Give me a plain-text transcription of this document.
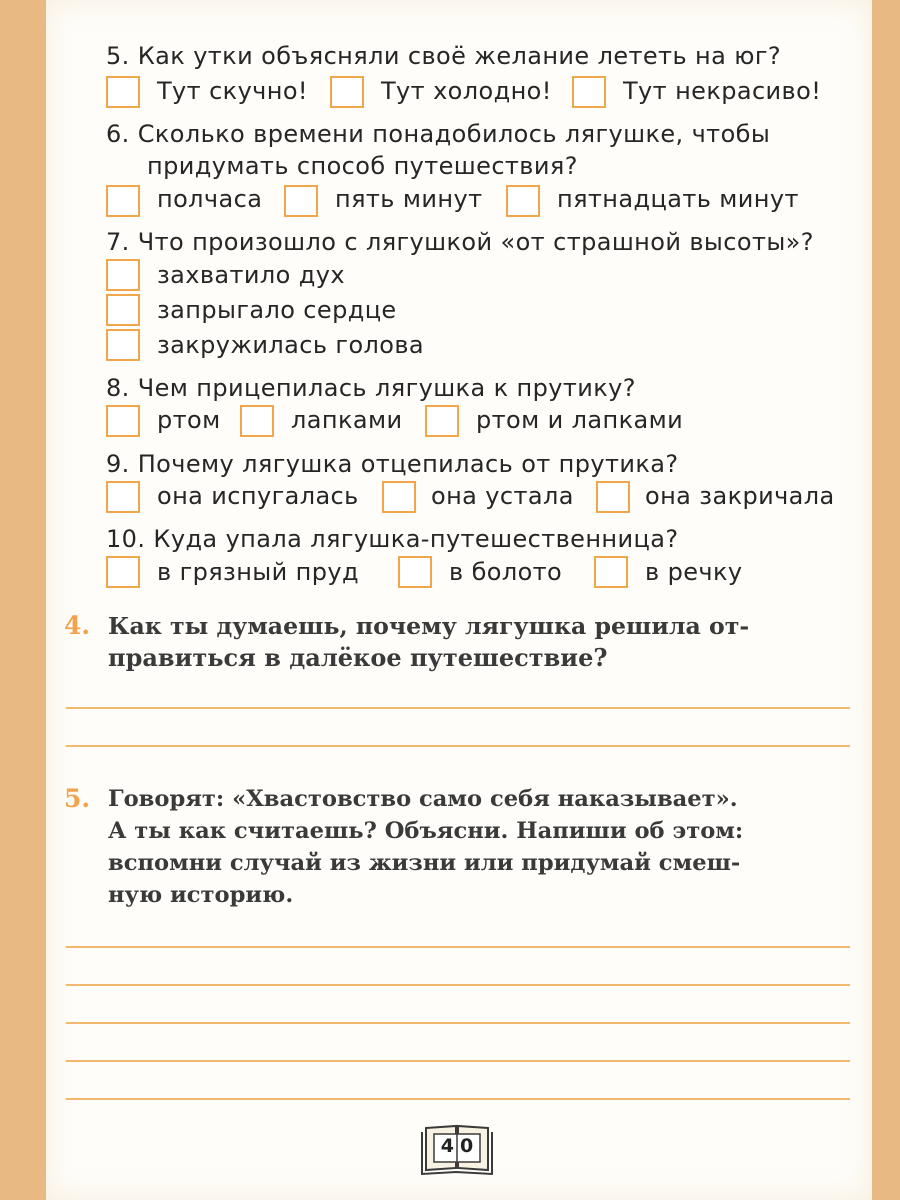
5. Как утки объясняли своё желание лететь на юг?
Тут скучно!	Тут холодно!	Тут некрасиво!
6. Сколько времени понадобилось лягушке, чтобы
придумать способ путешествия?
полчаса	пять минут	пятнадцать минут
7. Что произошло с лягушкой «от страшной высоты»?
захватило дух
запрыгало сердце
закружилась голова
8. Чем прицепилась лягушка к прутику?
ртом	лапками	ртом и лапками
9. Почему лягушка отцепилась от прутика?
она испугалась	она устала	она закричала
10. Куда упала лягушка-путешественница?
в грязный пруд	в болото	в речку
4. Как ты думаешь, почему лягушка решила от-
правиться в далёкое путешествие?
5. Говорят: «Хвастовство само себя наказывает».
А ты как считаешь? Объясни. Напиши об этом:
вспомни случай из жизни или придумай смеш-
ную историю.
40
